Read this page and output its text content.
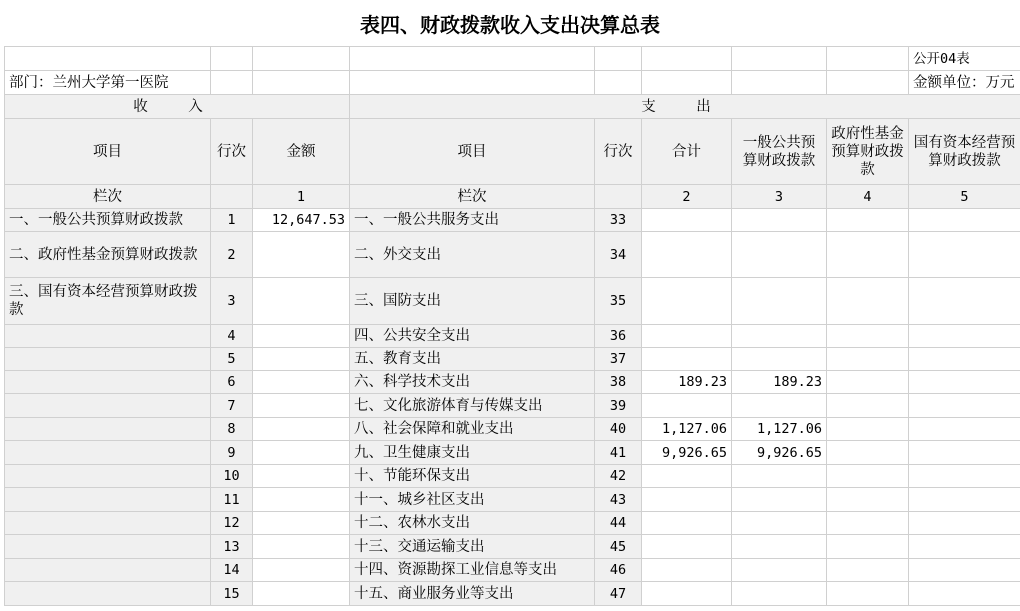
表四、财政拨款收入支出决算总表
								公开04表
部门：兰州大学第一医院								金额单位：万元
收 入			支 出					
项目	行次	金额	项目	行次	合计	一般公共预算财政拨款	政府性基金预算财政拨款	国有资本经营预算财政拨款
栏次		1	栏次		2	3	4	5
一、一般公共预算财政拨款	1	12,647.53	一、一般公共服务支出	33				
二、政府性基金预算财政拨款	2		二、外交支出	34				
三、国有资本经营预算财政拨款	3		三、国防支出	35				
	4		四、公共安全支出	36				
	5		五、教育支出	37				
	6		六、科学技术支出	38	189.23	189.23		
	7		七、文化旅游体育与传媒支出	39				
	8		八、社会保障和就业支出	40	1,127.06	1,127.06		
	9		九、卫生健康支出	41	9,926.65	9,926.65		
	10		十、节能环保支出	42				
	11		十一、城乡社区支出	43				
	12		十二、农林水支出	44				
	13		十三、交通运输支出	45				
	14		十四、资源勘探工业信息等支出	46				
	15		十五、商业服务业等支出	47				
